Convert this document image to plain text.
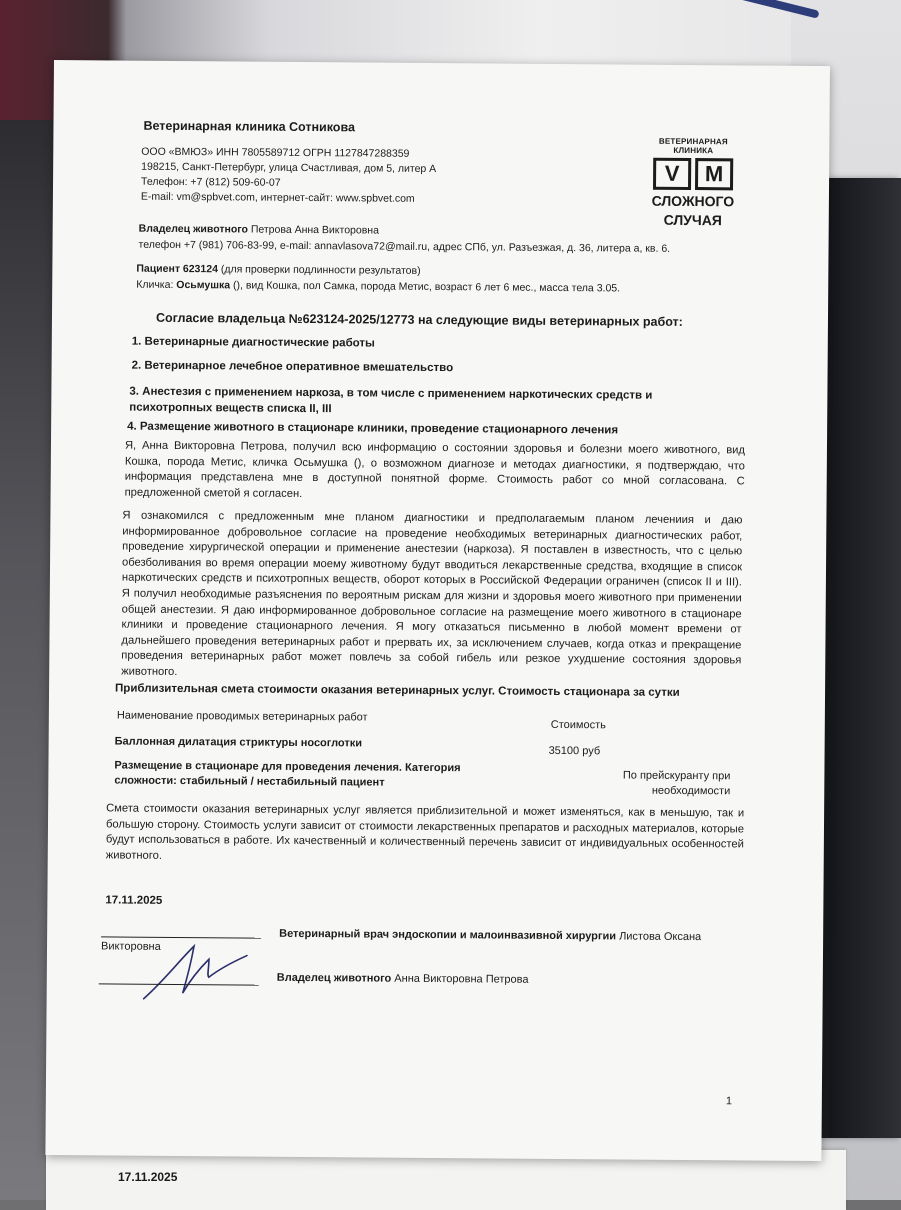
17.11.2025
Ветеринарная клиника Сотникова
ООО «ВМЮЗ» ИНН 7805589712 ОГРН 1127847288359
198215, Санкт-Петербург, улица Счастливая, дом 5, литер А
Телефон: +7 (812) 509-60-07
E-mail: vm@spbvet.com, интернет-сайт: www.spbvet.com
ВЕТЕРИНАРНАЯ КЛИНИКА
V	M
СЛОЖНОГО
СЛУЧАЯ
Владелец животного Петрова Анна Викторовна
телефон +7 (981) 706-83-99, e-mail: annavlasova72@mail.ru, адрес СПб, ул. Разъезжая, д. 36, литера а, кв. 6.
Пациент 623124 (для проверки подлинности результатов)
Кличка: Осьмушка (), вид Кошка, пол Самка, порода Метис, возраст 6 лет 6 мес., масса тела 3.05.
Согласие владельца №623124-2025/12773 на следующие виды ветеринарных работ:
1. Ветеринарные диагностические работы
2. Ветеринарное лечебное оперативное вмешательство
3. Анестезия с применением наркоза, в том числе с применением наркотических средств и психотропных веществ списка II, III
4. Размещение животного в стационаре клиники, проведение стационарного лечения
Я, Анна Викторовна Петрова, получил всю информацию о состоянии здоровья и болезни моего животного, вид Кошка, порода Метис, кличка Осьмушка (), о возможном диагнозе и методах диагностики, я подтверждаю, что информация представлена мне в доступной понятной форме. Стоимость работ со мной согласована. С предложенной сметой я согласен.
Я ознакомился с предложенным мне планом диагностики и предполагаемым планом лечениия и даю информированное добровольное согласие на проведение необходимых ветеринарных диагностических работ, проведение хирургической операции и применение анестезии (наркоза). Я поставлен в известность, что с целью обезболивания во время операции моему животному будут вводиться лекарственные средства, входящие в список наркотических средств и психотропных веществ, оборот которых в Российской Федерации ограничен (список II и III). Я получил необходимые разъяснения по вероятным рискам для жизни и здоровья моего животного при применении общей анестезии. Я даю информированное добровольное согласие на размещение моего животного в стационаре клиники и проведение стационарного лечения. Я могу отказаться письменно в любой момент времени от дальнейшего проведения ветеринарных работ и прервать их, за исключением случаев, когда отказ и прекращение проведения ветеринарных работ может повлечь за собой гибель или резкое ухудшение состояния здоровья животного.
Приблизительная смета стоимости оказания ветеринарных услуг. Стоимость стационара за сутки
Наименование проводимых ветеринарных работ
Стоимость
Баллонная дилатация стриктуры носоглотки
35100 руб
Размещение в стационаре для проведения лечения. Категория сложности: стабильный / нестабильный пациент	По прейскуранту при необходимости
Смета стоимости оказания ветеринарных услуг является приблизительной и может изменяться, как в меньшую, так и большую сторону. Стоимость услуги зависит от стоимости лекарственных препаратов и расходных материалов, которые будут использоваться в работе. Их качественный и количественный перечень зависит от индивидуальных особенностей животного.
17.11.2025
Ветеринарный врач эндоскопии и малоинвазивной хирургии Листова Оксана
Викторовна
Владелец животного Анна Викторовна Петрова
1
